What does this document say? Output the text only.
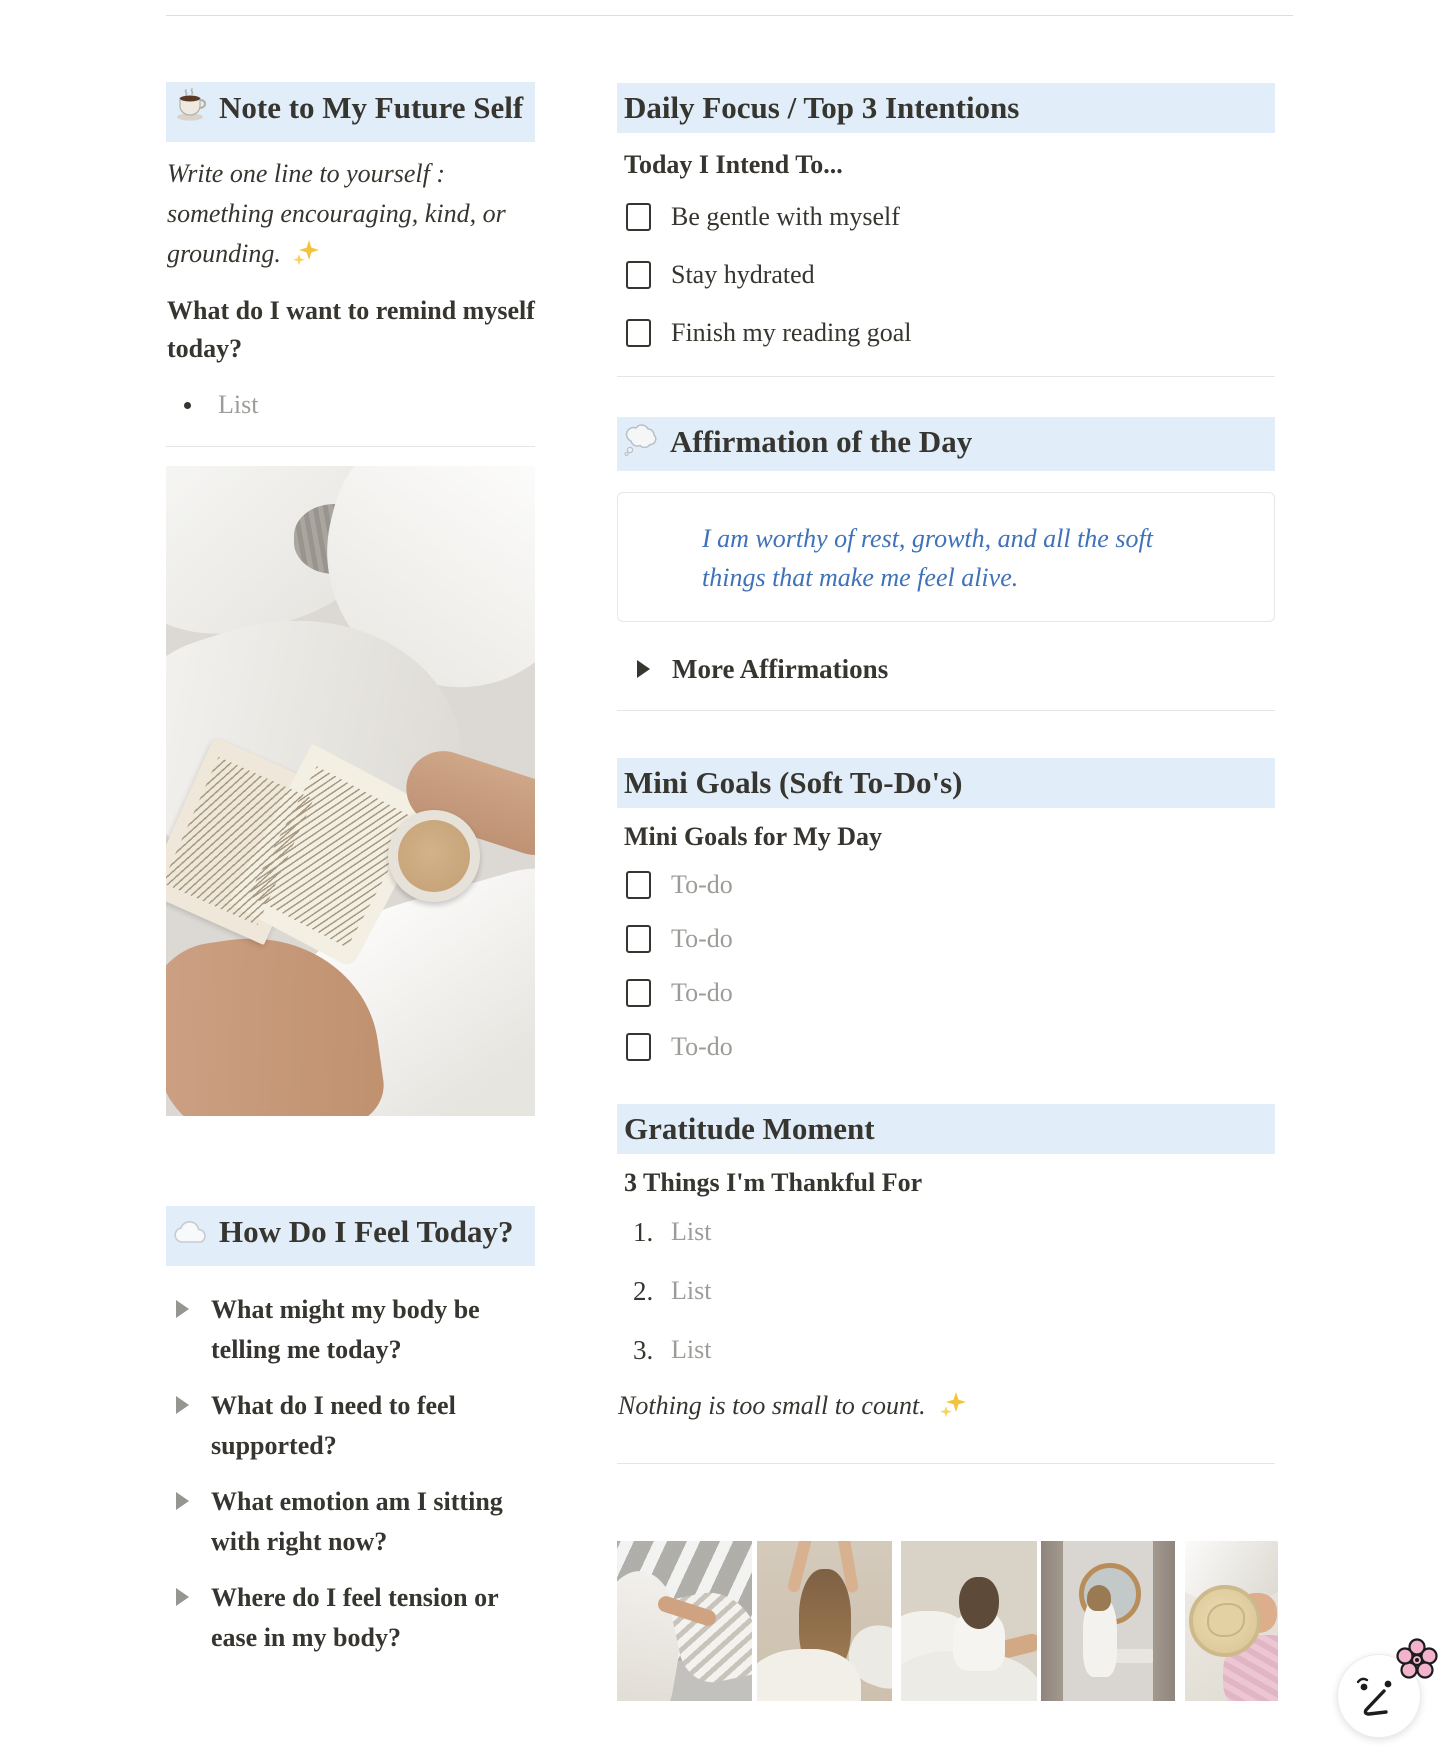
Note to My Future Self

Write one line to yourself : something encouraging, kind, or grounding.

What do I want to remind myself today?

List
How Do I Feel Today?
What might my body be telling me today?
What do I need to feel supported?
What emotion am I sitting with right now?
Where do I feel tension or ease in my body?
Daily Focus / Top 3 Intentions

Today I Intend To...

Be gentle with myself
Stay hydrated
Finish my reading goal
Affirmation of the Day

I am worthy of rest, growth, and all the soft things that make me feel alive.

More Affirmations
Mini Goals (Soft To-Do's)

Mini Goals for My Day

To-do
To-do
To-do
To-do
Gratitude Moment

3 Things I'm Thankful For

1. List
2. List
3. List

Nothing is too small to count.
